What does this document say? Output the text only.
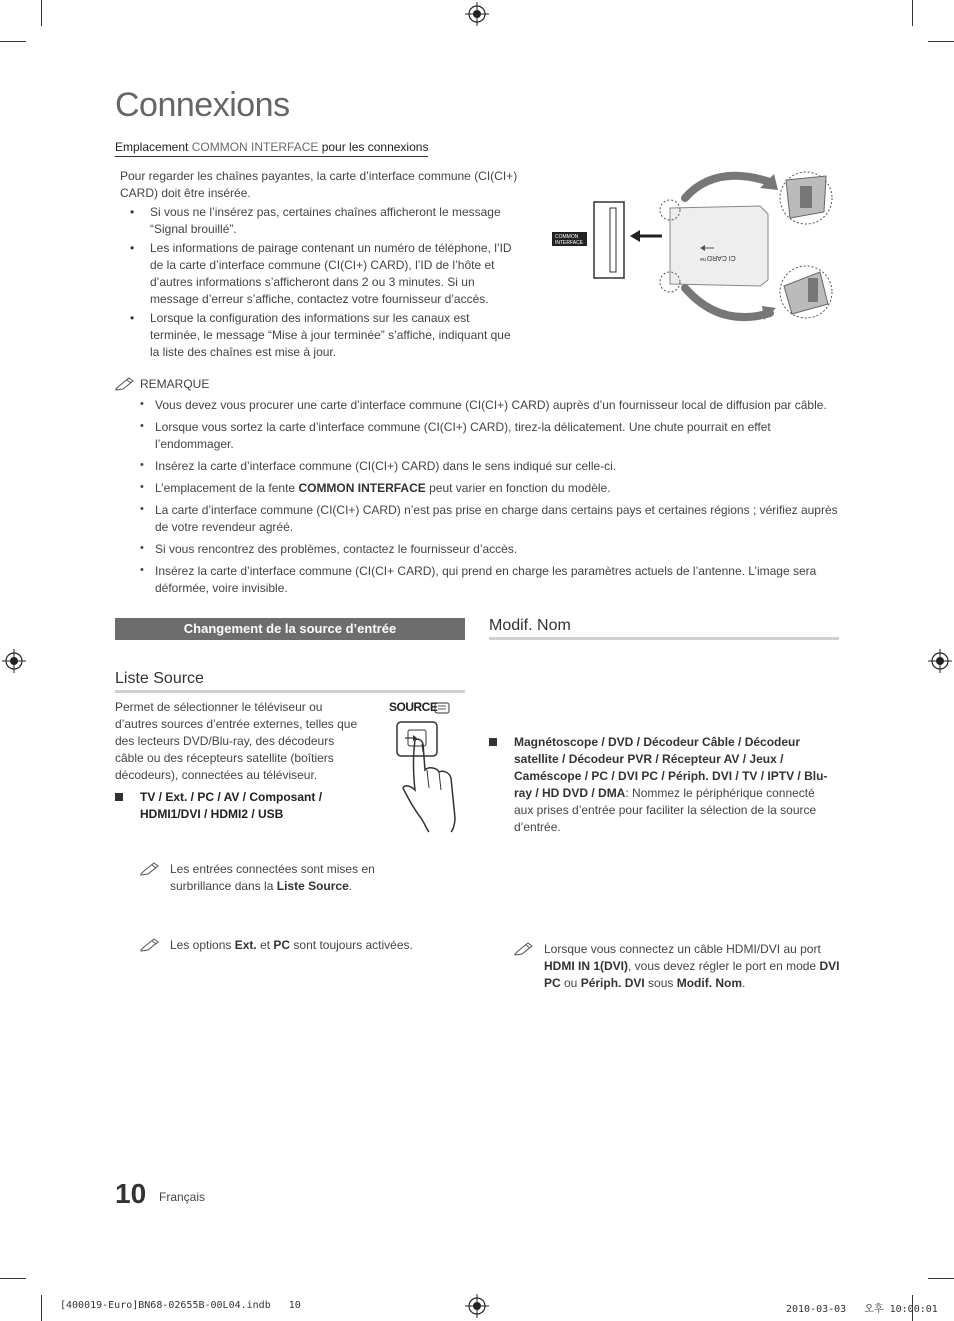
Connexions
Emplacement COMMON INTERFACE pour les connexions
Pour regarder les chaînes payantes, la carte d’interface commune (CI(CI+) CARD) doit être insérée.
• Si vous ne l’insérez pas, certaines chaînes afficheront le message “Signal brouillé”.
• Les informations de pairage contenant un numéro de téléphone, l’ID de la carte d’interface commune (CI(CI+) CARD), l’ID de l’hôte et d’autres informations s’afficheront dans 2 ou 3 minutes. Si un message d’erreur s’affiche, contactez votre fournisseur d’accès.
• Lorsque la configuration des informations sur les canaux est terminée, le message “Mise à jour terminée” s’affiche, indiquant que la liste des chaînes est mise à jour.
COMMON
INTERFACE
CI CARD™
REMARQUE
• Vous devez vous procurer une carte d’interface commune (CI(CI+) CARD) auprès d’un fournisseur local de diffusion par câble.
• Lorsque vous sortez la carte d’interface commune (CI(CI+) CARD), tirez-la délicatement. Une chute pourrait en effet l’endommager.
• Insérez la carte d’interface commune (CI(CI+) CARD) dans le sens indiqué sur celle-ci.
• L’emplacement de la fente COMMON INTERFACE peut varier en fonction du modèle.
• La carte d’interface commune (CI(CI+) CARD) n’est pas prise en charge dans certains pays et certaines régions ; vérifiez auprès de votre revendeur agréé.
• Si vous rencontrez des problèmes, contactez le fournisseur d’accès.
• Insérez la carte d’interface commune (CI(CI+ CARD), qui prend en charge les paramètres actuels de l’antenne. L’image sera déformée, voire invisible.
Changement de la source d’entrée
Liste Source
Permet de sélectionner le téléviseur ou d’autres sources d’entrée externes, telles que des lecteurs DVD/Blu-ray, des décodeurs câble ou des récepteurs satellite (boîtiers décodeurs), connectées au téléviseur.
SOURCE
TV / Ext. / PC / AV / Composant /
HDMI1/DVI / HDMI2 / USB
Les entrées connectées sont mises en surbrillance dans la Liste Source.
Les options Ext. et PC sont toujours activées.
Modif. Nom
Magnétoscope / DVD / Décodeur Câble / Décodeur satellite / Décodeur PVR / Récepteur AV / Jeux / Caméscope / PC / DVI PC / Périph. DVI / TV / IPTV / Blu-ray / HD DVD / DMA: Nommez le périphérique connecté aux prises d’entrée pour faciliter la sélection de la source d’entrée.
Lorsque vous connectez un câble HDMI/DVI au port HDMI IN 1(DVI), vous devez régler le port en mode DVI PC ou Périph. DVI sous Modif. Nom.
10 Français
[400019-Euro]BN68-02655B-00L04.indb   10	2010-03-03   오후 10:00:01
